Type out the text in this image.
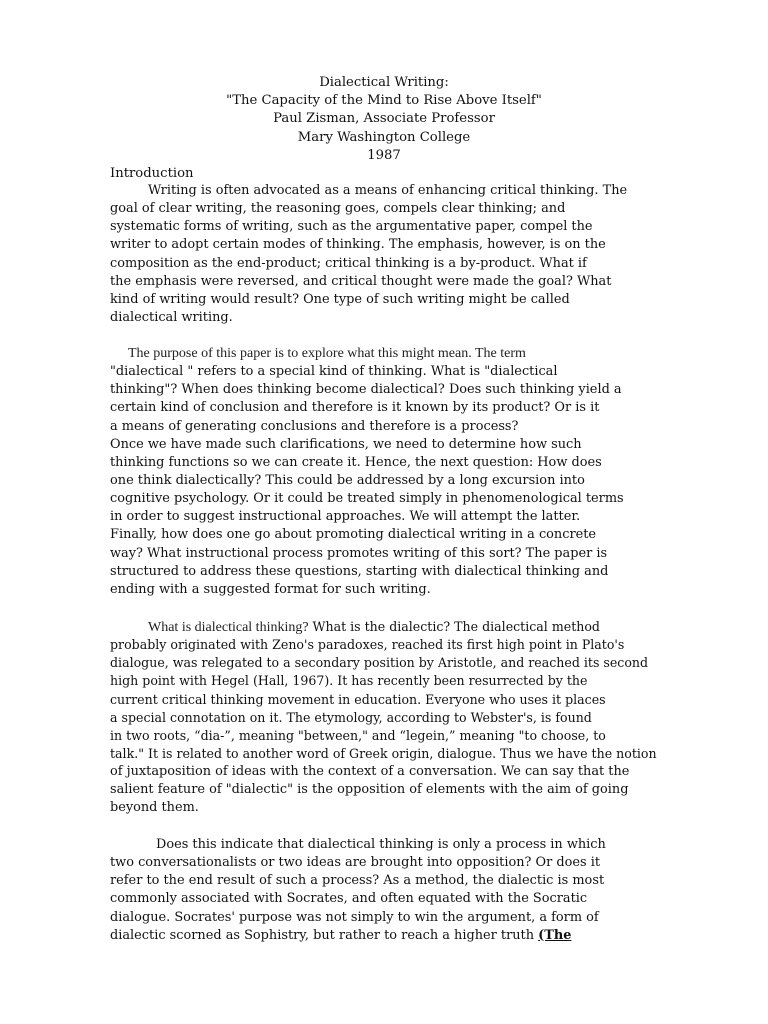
Dialectical Writing:
"The Capacity of the Mind to Rise Above Itself"
Paul Zisman, Associate Professor
Mary Washington College
1987
Introduction
Writing is often advocated as a means of enhancing critical thinking. The
goal of clear writing, the reasoning goes, compels clear thinking; and
systematic forms of writing, such as the argumentative paper, compel the
writer to adopt certain modes of thinking. The emphasis, however, is on the
composition as the end-product; critical thinking is a by-product. What if
the emphasis were reversed, and critical thought were made the goal? What
kind of writing would result? One type of such writing might be called
dialectical writing.
The purpose of this paper is to explore what this might mean. The term
"dialectical " refers to a special kind of thinking. What is "dialectical
thinking"? When does thinking become dialectical? Does such thinking yield a
certain kind of conclusion and therefore is it known by its product? Or is it
a means of generating conclusions and therefore is a process?
Once we have made such clarifications, we need to determine how such
thinking functions so we can create it. Hence, the next question: How does
one think dialectically? This could be addressed by a long excursion into
cognitive psychology. Or it could be treated simply in phenomenological terms
in order to suggest instructional approaches. We will attempt the latter.
Finally, how does one go about promoting dialectical writing in a concrete
way? What instructional process promotes writing of this sort? The paper is
structured to address these questions, starting with dialectical thinking and
ending with a suggested format for such writing.
What is dialectical thinking? What is the dialectic? The dialectical method
probably originated with Zeno's paradoxes, reached its first high point in Plato's
dialogue, was relegated to a secondary position by Aristotle, and reached its second
high point with Hegel (Hall, 1967). It has recently been resurrected by the
current critical thinking movement in education. Everyone who uses it places
a special connotation on it. The etymology, according to Webster's, is found
in two roots, “dia-”, meaning "between," and “legein,” meaning "to choose, to
talk." It is related to another word of Greek origin, dialogue. Thus we have the notion
of juxtaposition of ideas with the context of a conversation. We can say that the
salient feature of "dialectic" is the opposition of elements with the aim of going
beyond them.
Does this indicate that dialectical thinking is only a process in which
two conversationalists or two ideas are brought into opposition? Or does it
refer to the end result of such a process? As a method, the dialectic is most
commonly associated with Socrates, and often equated with the Socratic
dialogue. Socrates' purpose was not simply to win the argument, a form of
dialectic scorned as Sophistry, but rather to reach a higher truth (The
